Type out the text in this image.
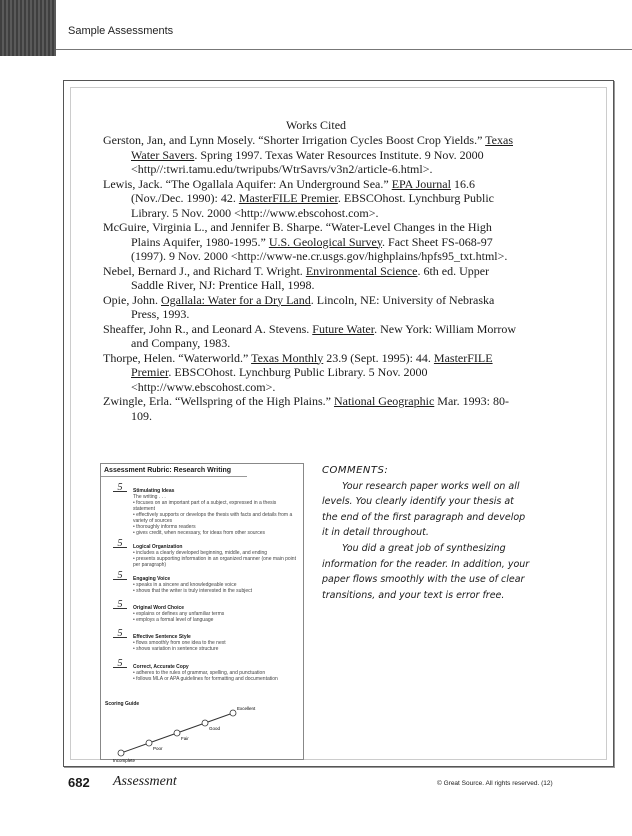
Sample Assessments
Works Cited
Gerston, Jan, and Lynn Mosely. “Shorter Irrigation Cycles Boost Crop Yields.” Texas Water Savers. Spring 1997. Texas Water Resources Institute. 9 Nov. 2000 <http//:twri.tamu.edu/twripubs/WtrSavrs/v3n2/article-6.html>.
Lewis, Jack. “The Ogallala Aquifer: An Underground Sea.” EPA Journal 16.6 (Nov./Dec. 1990): 42. MasterFILE Premier. EBSCOhost. Lynchburg Public Library. 5 Nov. 2000 <http://www.ebscohost.com>.
McGuire, Virginia L., and Jennifer B. Sharpe. “Water-Level Changes in the High Plains Aquifer, 1980-1995.” U.S. Geological Survey. Fact Sheet FS-068-97 (1997). 9 Nov. 2000 <http://www-ne.cr.usgs.gov/highplains/hpfs95_txt.html>.
Nebel, Bernard J., and Richard T. Wright. Environmental Science. 6th ed. Upper Saddle River, NJ: Prentice Hall, 1998.
Opie, John. Ogallala: Water for a Dry Land. Lincoln, NE: University of Nebraska Press, 1993.
Sheaffer, John R., and Leonard A. Stevens. Future Water. New York: William Morrow and Company, 1983.
Thorpe, Helen. “Waterworld.” Texas Monthly 23.9 (Sept. 1995): 44. MasterFILE Premier. EBSCOhost. Lynchburg Public Library. 5 Nov. 2000 <http://www.ebscohost.com>.
Zwingle, Erla. “Wellspring of the High Plains.” National Geographic Mar. 1993: 80-109.
Assessment Rubric: Research Writing
Scoring Guide
Incomplete
Poor
Fair
Good
Excellent
5	Stimulating Ideas
The writing . . .
• focuses on an important part of a subject, expressed in a thesis statement
• effectively supports or develops the thesis with facts and details from a variety of sources
• thoroughly informs readers
• gives credit, when necessary, for ideas from other sources
5	Logical Organization
• includes a clearly developed beginning, middle, and ending
• presents supporting information in an organized manner (one main point per paragraph)
5	Engaging Voice
• speaks in a sincere and knowledgeable voice
• shows that the writer is truly interested in the subject
5	Original Word Choice
• explains or defines any unfamiliar terms
• employs a formal level of language
5	Effective Sentence Style
• flows smoothly from one idea to the next
• shows variation in sentence structure
5	Correct, Accurate Copy
• adheres to the rules of grammar, spelling, and punctuation
• follows MLA or APA guidelines for formatting and documentation
COMMENTS:

Your research paper works well on all levels. You clearly identify your thesis at the end of the first paragraph and develop it in detail throughout.

You did a great job of synthesizing information for the reader. In addition, your paper flows smoothly with the use of clear transitions, and your text is error free.

682 Assessment	© Great Source. All rights reserved. (12)
